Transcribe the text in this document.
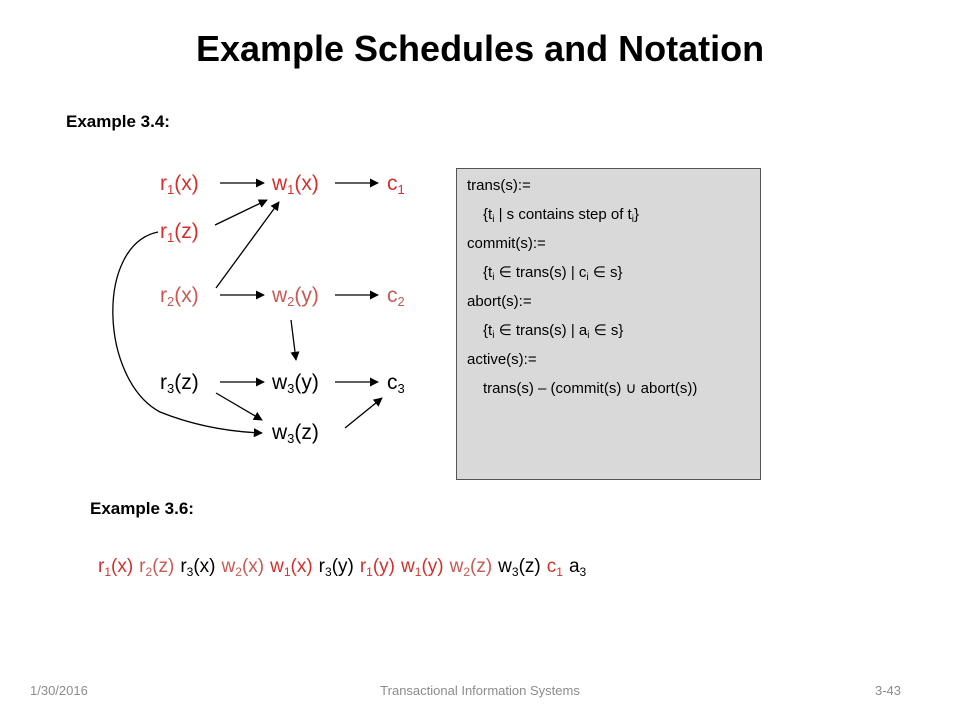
Example Schedules and Notation
Example 3.4:
$r_1(x)$	$w_1(x)$	$c_1$
$r_1(z)$
$r_2(x)$	$w_2(y)$	$c_2$
$r_3(z)$	$w_3(y)$	$c_3$
$w_3(z)$
trans(s):=
{$t_i$ | s contains step of $t_i$}
commit(s):=
{$t_i$ ∈ trans(s) | $c_i$ ∈ s}
abort(s):=
{$t_i$ ∈ trans(s) | $a_i$ ∈ s}
active(s):=
trans(s) – (commit(s) ∪ abort(s))
Example 3.6:
$r_1(x)$ $r_2(z)$ $r_3(x)$ $w_2(x)$ $w_1(x)$ $r_3(y)$ $r_1(y)$ $w_1(y)$ $w_2(z)$ $w_3(z)$ $c_1$ $a_3$
1/30/2016	Transactional Information Systems	3-43
